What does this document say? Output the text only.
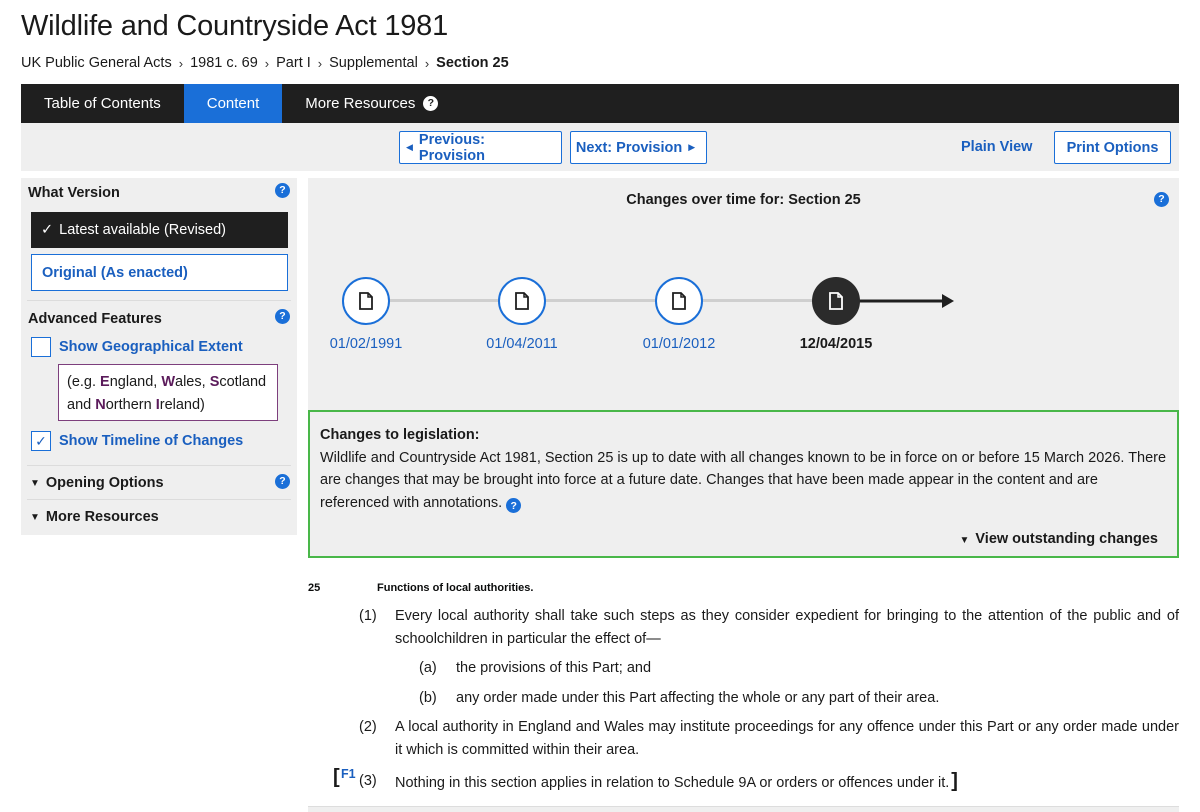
Wildlife and Countryside Act 1981
UK Public General Acts › 1981 c. 69 › Part I › Supplemental › Section 25
Table of Contents	Content	More Resources	?
◀ Previous: Provision	Next: Provision ▶	Plain View	Print Options
What Version	?
✓ Latest available (Revised)
Original (As enacted)
Advanced Features	?
Show Geographical Extent
(e.g. England, Wales, Scotland
and Northern Ireland)
✓ Show Timeline of Changes
▼ Opening Options	?
▼ More Resources
Changes over time for: Section 25	?
01/02/1991	01/04/2011	01/01/2012	12/04/2015
Changes to legislation:
Wildlife and Countryside Act 1981, Section 25 is up to date with all changes known to be in force on or before 15 March 2026. There are changes that may be brought into force at a future date. Changes that have been made appear in the content and are referenced with annotations. ?
▼ View outstanding changes
25	Functions of local authorities.
(1) Every local authority shall take such steps as they consider expedient for bringing to the attention of the public and of schoolchildren in particular the effect of—
(a) the provisions of this Part; and
(b) any order made under this Part affecting the whole or any part of their area.
(2) A local authority in England and Wales may institute proceedings for any offence under this Part or any order made under it which is committed within their area.
[ F1 (3) Nothing in this section applies in relation to Schedule 9A or orders or offences under it. ]
